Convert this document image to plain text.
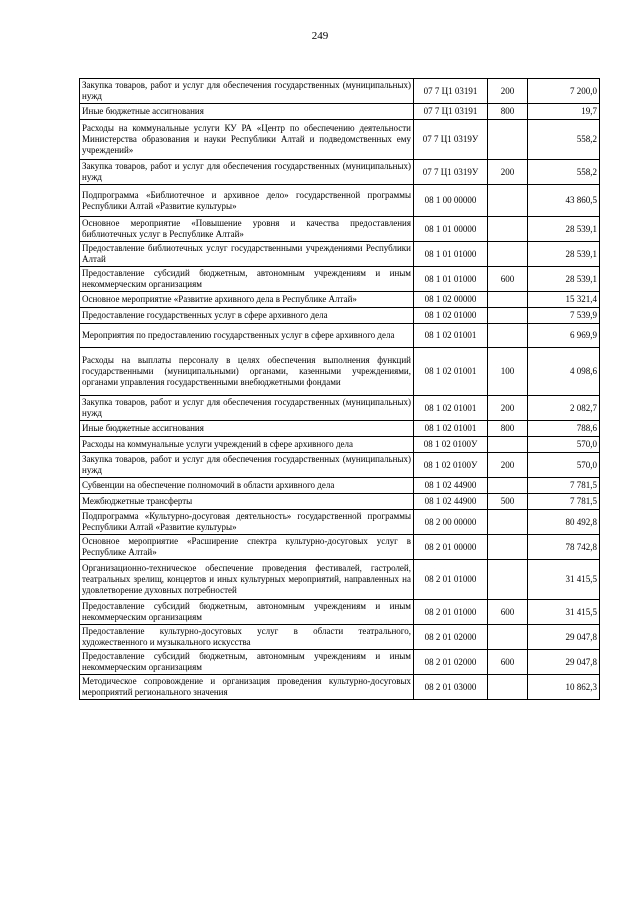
249
Закупка товаров, работ и услуг для обеспечения государственных (муниципальных) нужд	07 7 Ц1 03191	200	7 200,0
Иные бюджетные ассигнования	07 7 Ц1 03191	800	19,7
Расходы на коммунальные услуги КУ РА «Центр по обеспечению деятельности Министерства образования и науки Республики Алтай и подведомственных ему учреждений»	07 7 Ц1 0319У		558,2
Закупка товаров, работ и услуг для обеспечения государственных (муниципальных) нужд	07 7 Ц1 0319У	200	558,2
Подпрограмма «Библиотечное и архивное дело» государственной программы Республики Алтай «Развитие культуры»	08 1 00 00000		43 860,5
Основное мероприятие «Повышение уровня и качества предоставления библиотечных услуг в Республике Алтай»	08 1 01 00000		28 539,1
Предоставление библиотечных услуг государственными учреждениями Республики Алтай	08 1 01 01000		28 539,1
Предоставление субсидий бюджетным, автономным учреждениям и иным некоммерческим организациям	08 1 01 01000	600	28 539,1
Основное мероприятие «Развитие архивного дела в Республике Алтай»	08 1 02 00000		15 321,4
Предоставление государственных услуг в сфере архивного дела	08 1 02 01000		7 539,9
Мероприятия по предоставлению государственных услуг в сфере архивного дела	08 1 02 01001		6 969,9
Расходы на выплаты персоналу в целях обеспечения выполнения функций государственными (муниципальными) органами, казенными учреждениями, органами управления государственными внебюджетными фондами	08 1 02 01001	100	4 098,6
Закупка товаров, работ и услуг для обеспечения государственных (муниципальных) нужд	08 1 02 01001	200	2 082,7
Иные бюджетные ассигнования	08 1 02 01001	800	788,6
Расходы на коммунальные услуги учреждений в сфере архивного дела	08 1 02 0100У		570,0
Закупка товаров, работ и услуг для обеспечения государственных (муниципальных) нужд	08 1 02 0100У	200	570,0
Субвенции на обеспечение полномочий в области архивного дела	08 1 02 44900		7 781,5
Межбюджетные трансферты	08 1 02 44900	500	7 781,5
Подпрограмма «Культурно-досуговая деятельность» государственной программы Республики Алтай «Развитие культуры»	08 2 00 00000		80 492,8
Основное мероприятие «Расширение спектра культурно-досуговых услуг в Республике Алтай»	08 2 01 00000		78 742,8
Организационно-техническое обеспечение проведения фестивалей, гастролей, театральных зрелищ, концертов и иных культурных мероприятий, направленных на удовлетворение духовных потребностей	08 2 01 01000		31 415,5
Предоставление субсидий бюджетным, автономным учреждениям и иным некоммерческим организациям	08 2 01 01000	600	31 415,5
Предоставление культурно-досуговых услуг в области театрального, художественного и музыкального искусства	08 2 01 02000		29 047,8
Предоставление субсидий бюджетным, автономным учреждениям и иным некоммерческим организациям	08 2 01 02000	600	29 047,8
Методическое сопровождение и организация проведения культурно-досуговых мероприятий регионального значения	08 2 01 03000		10 862,3
